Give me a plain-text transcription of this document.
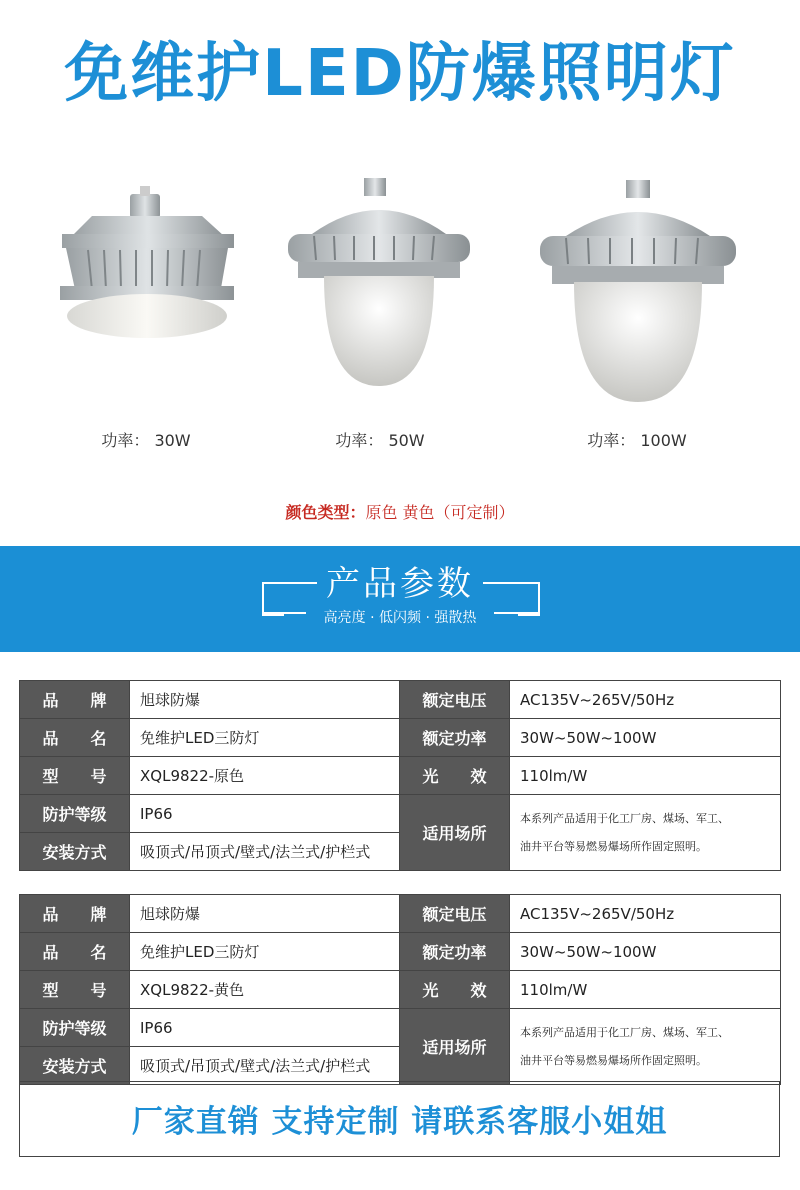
免维护LED防爆照明灯
功率： 30W	功率： 50W	功率： 100W
颜色类型：原色 黄色（可定制）
产品参数
高亮度 · 低闪频 · 强散热
品　　牌	旭球防爆	额定电压	AC135V~265V/50Hz
品　　名	免维护LED三防灯	额定功率	30W~50W~100W
型　　号	XQL9822-原色	光　　效	110lm/W
防护等级	IP66	适用场所	本系列产品适用于化工厂房、煤场、军工、
油井平台等易燃易爆场所作固定照明。

安装方式	吸顶式/吊顶式/壁式/法兰式/护栏式		
品　　牌	旭球防爆	额定电压	AC135V~265V/50Hz
品　　名	免维护LED三防灯	额定功率	30W~50W~100W
型　　号	XQL9822-黄色	光　　效	110lm/W
防护等级	IP66	适用场所	本系列产品适用于化工厂房、煤场、军工、
油井平台等易燃易爆场所作固定照明。

安装方式	吸顶式/吊顶式/壁式/法兰式/护栏式		
厂家直销 支持定制 请联系客服小姐姐
